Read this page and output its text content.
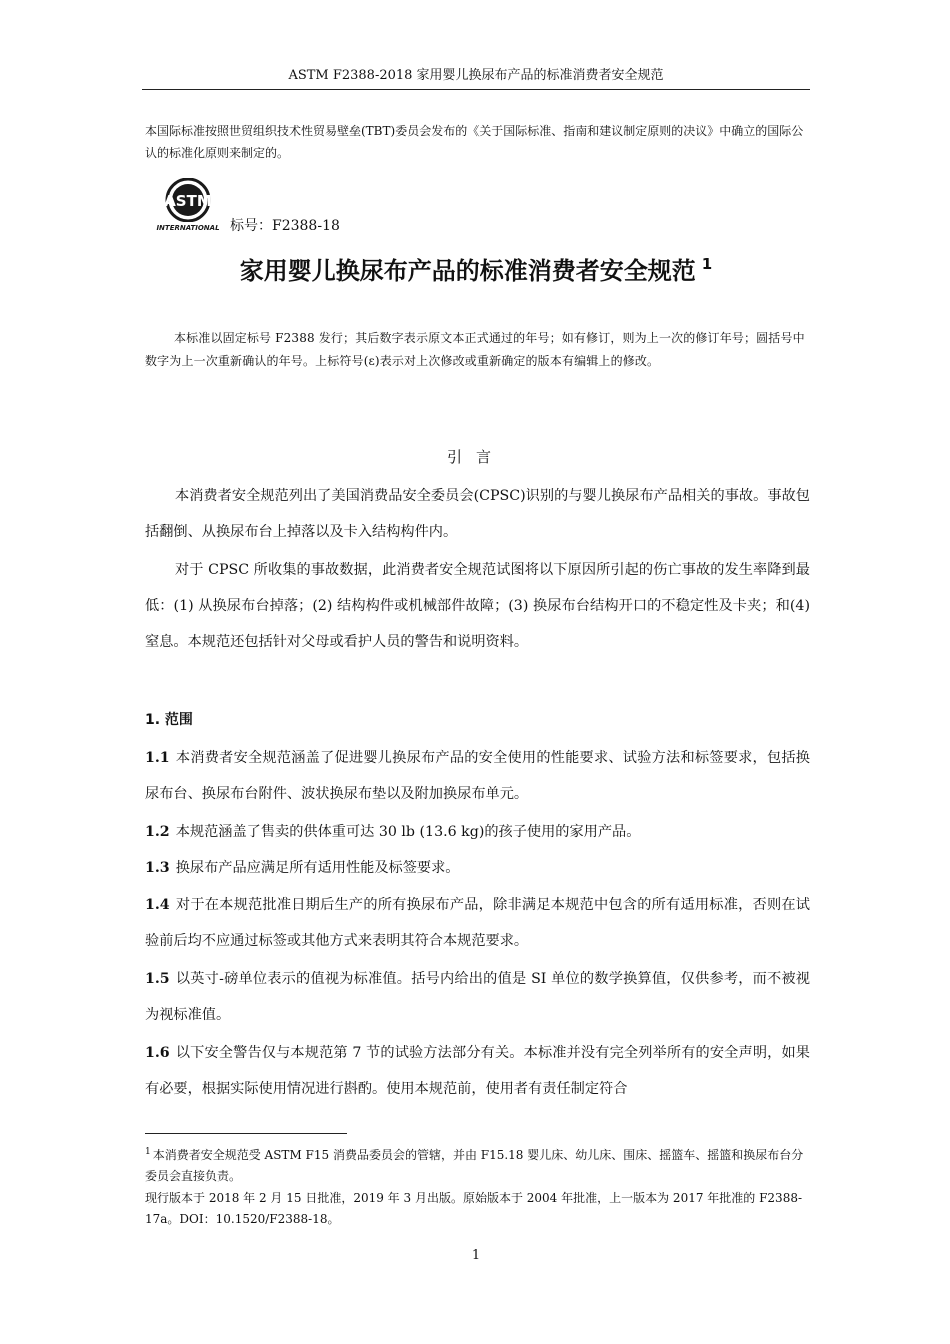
ASTM F2388-2018 家用婴儿换尿布产品的标准消费者安全规范
本国际标准按照世贸组织技术性贸易壁垒(TBT)委员会发布的《关于国际标准、指南和建议制定原则的决议》中确立的国际公认的标准化原则来制定的。
ASTM
INTERNATIONAL 标号：F2388-18
家用婴儿换尿布产品的标准消费者安全规范 $^1$
本标准以固定标号 F2388 发行；其后数字表示原文本正式通过的年号；如有修订，则为上一次的修订年号；圆括号中数字为上一次重新确认的年号。上标符号(ε)表示对上次修改或重新确定的版本有编辑上的修改。
引言
本消费者安全规范列出了美国消费品安全委员会(CPSC)识别的与婴儿换尿布产品相关的事故。事故包括翻倒、从换尿布台上掉落以及卡入结构构件内。
对于 CPSC 所收集的事故数据，此消费者安全规范试图将以下原因所引起的伤亡事故的发生率降到最低：(1) 从换尿布台掉落；(2) 结构构件或机械部件故障；(3) 换尿布台结构开口的不稳定性及卡夹；和(4) 窒息。本规范还包括针对父母或看护人员的警告和说明资料。
1. 范围
1.1 本消费者安全规范涵盖了促进婴儿换尿布产品的安全使用的性能要求、试验方法和标签要求，包括换尿布台、换尿布台附件、波状换尿布垫以及附加换尿布单元。
1.2 本规范涵盖了售卖的供体重可达 30 lb (13.6 kg)的孩子使用的家用产品。
1.3 换尿布产品应满足所有适用性能及标签要求。
1.4 对于在本规范批准日期后生产的所有换尿布产品，除非满足本规范中包含的所有适用标准，否则在试验前后均不应通过标签或其他方式来表明其符合本规范要求。
1.5 以英寸-磅单位表示的值视为标准值。括号内给出的值是 SI 单位的数学换算值，仅供参考，而不被视为视标准值。
1.6 以下安全警告仅与本规范第 7 节的试验方法部分有关。本标准并没有完全列举所有的安全声明，如果有必要，根据实际使用情况进行斟酌。使用本规范前，使用者有责任制定符合
$^1$ 本消费者安全规范受 ASTM F15 消费品委员会的管辖，并由 F15.18 婴儿床、幼儿床、围床、摇篮车、摇篮和换尿布台分委员会直接负责。
现行版本于 2018 年 2 月 15 日批准，2019 年 3 月出版。原始版本于 2004 年批准，上一版本为 2017 年批准的 F2388- 17a。DOI：10.1520/F2388-18。
1
